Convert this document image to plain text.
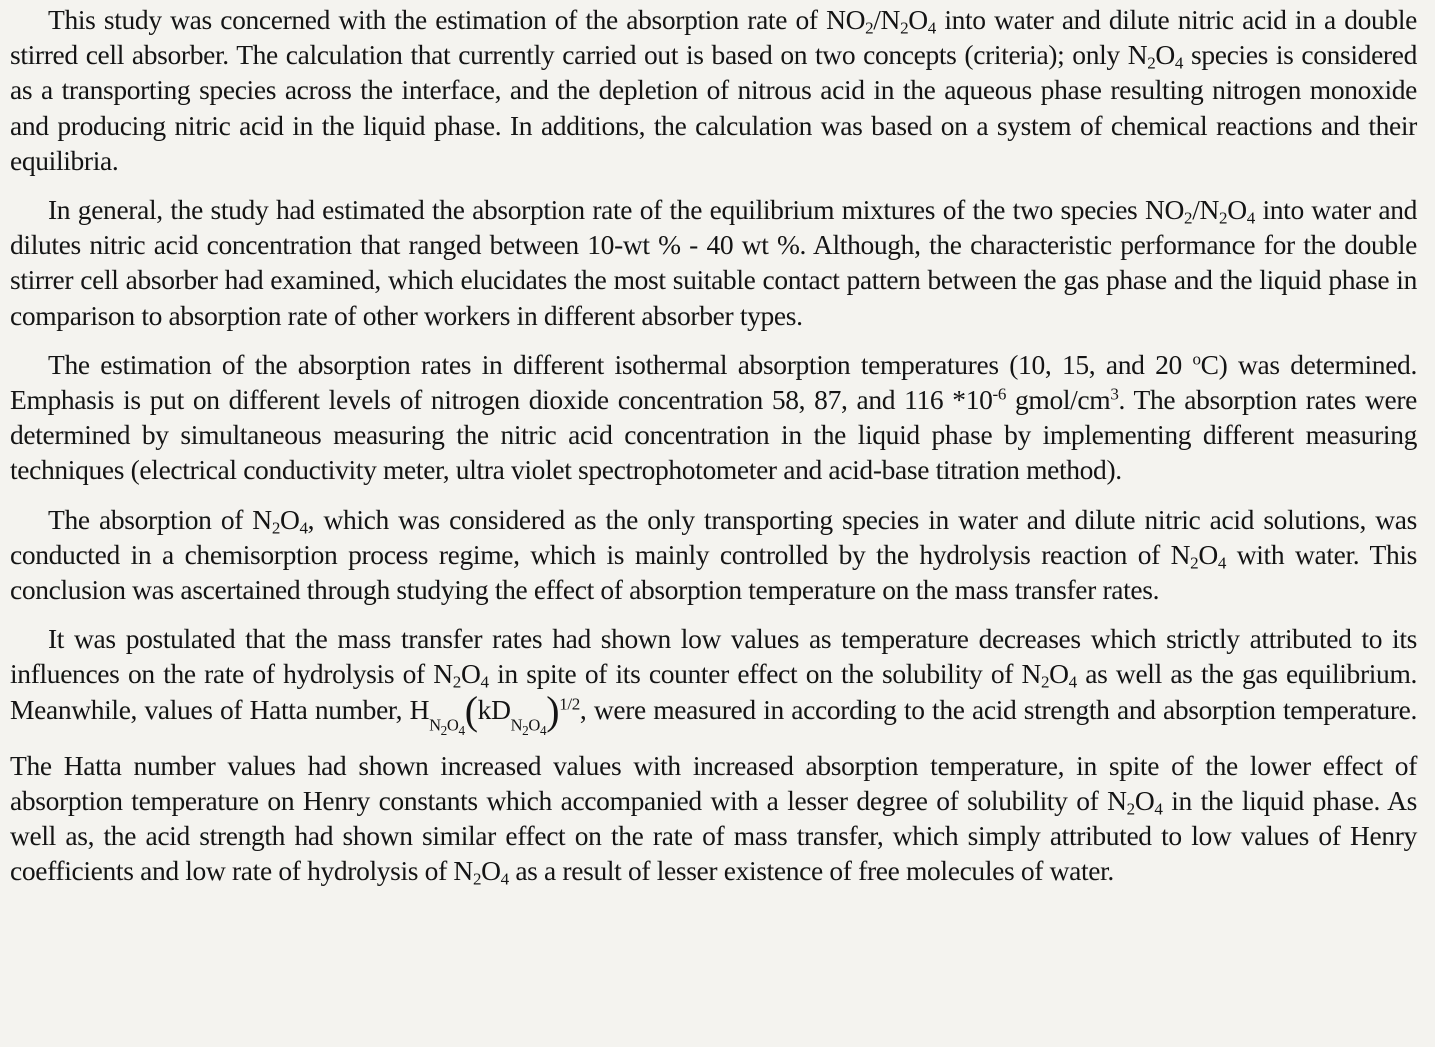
This study was concerned with the estimation of the absorption rate of $NO_2/N_2O_4$ into water and dilute nitric acid in a double stirred cell absorber. The calculation that currently carried out is based on two concepts (criteria); only $N_2O_4$ species is considered as a transporting species across the interface, and the depletion of nitrous acid in the aqueous phase resulting nitrogen monoxide and producing nitric acid in the liquid phase. In additions, the calculation was based on a system of chemical reactions and their equilibria.

In general, the study had estimated the absorption rate of the equilibrium mixtures of the two species $NO_2/N_2O_4$ into water and dilutes nitric acid concentration that ranged between 10-wt % - 40 wt %. Although, the characteristic performance for the double stirrer cell absorber had examined, which elucidates the most suitable contact pattern between the gas phase and the liquid phase in comparison to absorption rate of other workers in different absorber types.

The estimation of the absorption rates in different isothermal absorption temperatures (10, 15, and 20 $^o$C) was determined. Emphasis is put on different levels of nitrogen dioxide concentration 58, 87, and 116 $*10^{-6}$ gmol/$cm^3$. The absorption rates were determined by simultaneous measuring the nitric acid concentration in the liquid phase by implementing different measuring techniques (electrical conductivity meter, ultra violet spectrophotometer and acid-base titration method).

The absorption of $N_2O_4$, which was considered as the only transporting species in water and dilute nitric acid solutions, was conducted in a chemisorption process regime, which is mainly controlled by the hydrolysis reaction of $N_2O_4$ with water. This conclusion was ascertained through studying the effect of absorption temperature on the mass transfer rates.

It was postulated that the mass transfer rates had shown low values as temperature decreases which strictly attributed to its influences on the rate of hydrolysis of $N_2O_4$ in spite of its counter effect on the solubility of $N_2O_4$ as well as the gas equilibrium. Meanwhile, values of Hatta number, $H_{N2O4}(kD_{N2O4})^{1/2}$, were measured in according to the acid strength and absorption temperature. The Hatta number values had shown increased values with increased absorption temperature, in spite of the lower effect of absorption temperature on Henry constants which accompanied with a lesser degree of solubility of $N_2O_4$ in the liquid phase. As well as, the acid strength had shown similar effect on the rate of mass transfer, which simply attributed to low values of Henry coefficients and low rate of hydrolysis of $N_2O_4$ as a result of lesser existence of free molecules of water.
